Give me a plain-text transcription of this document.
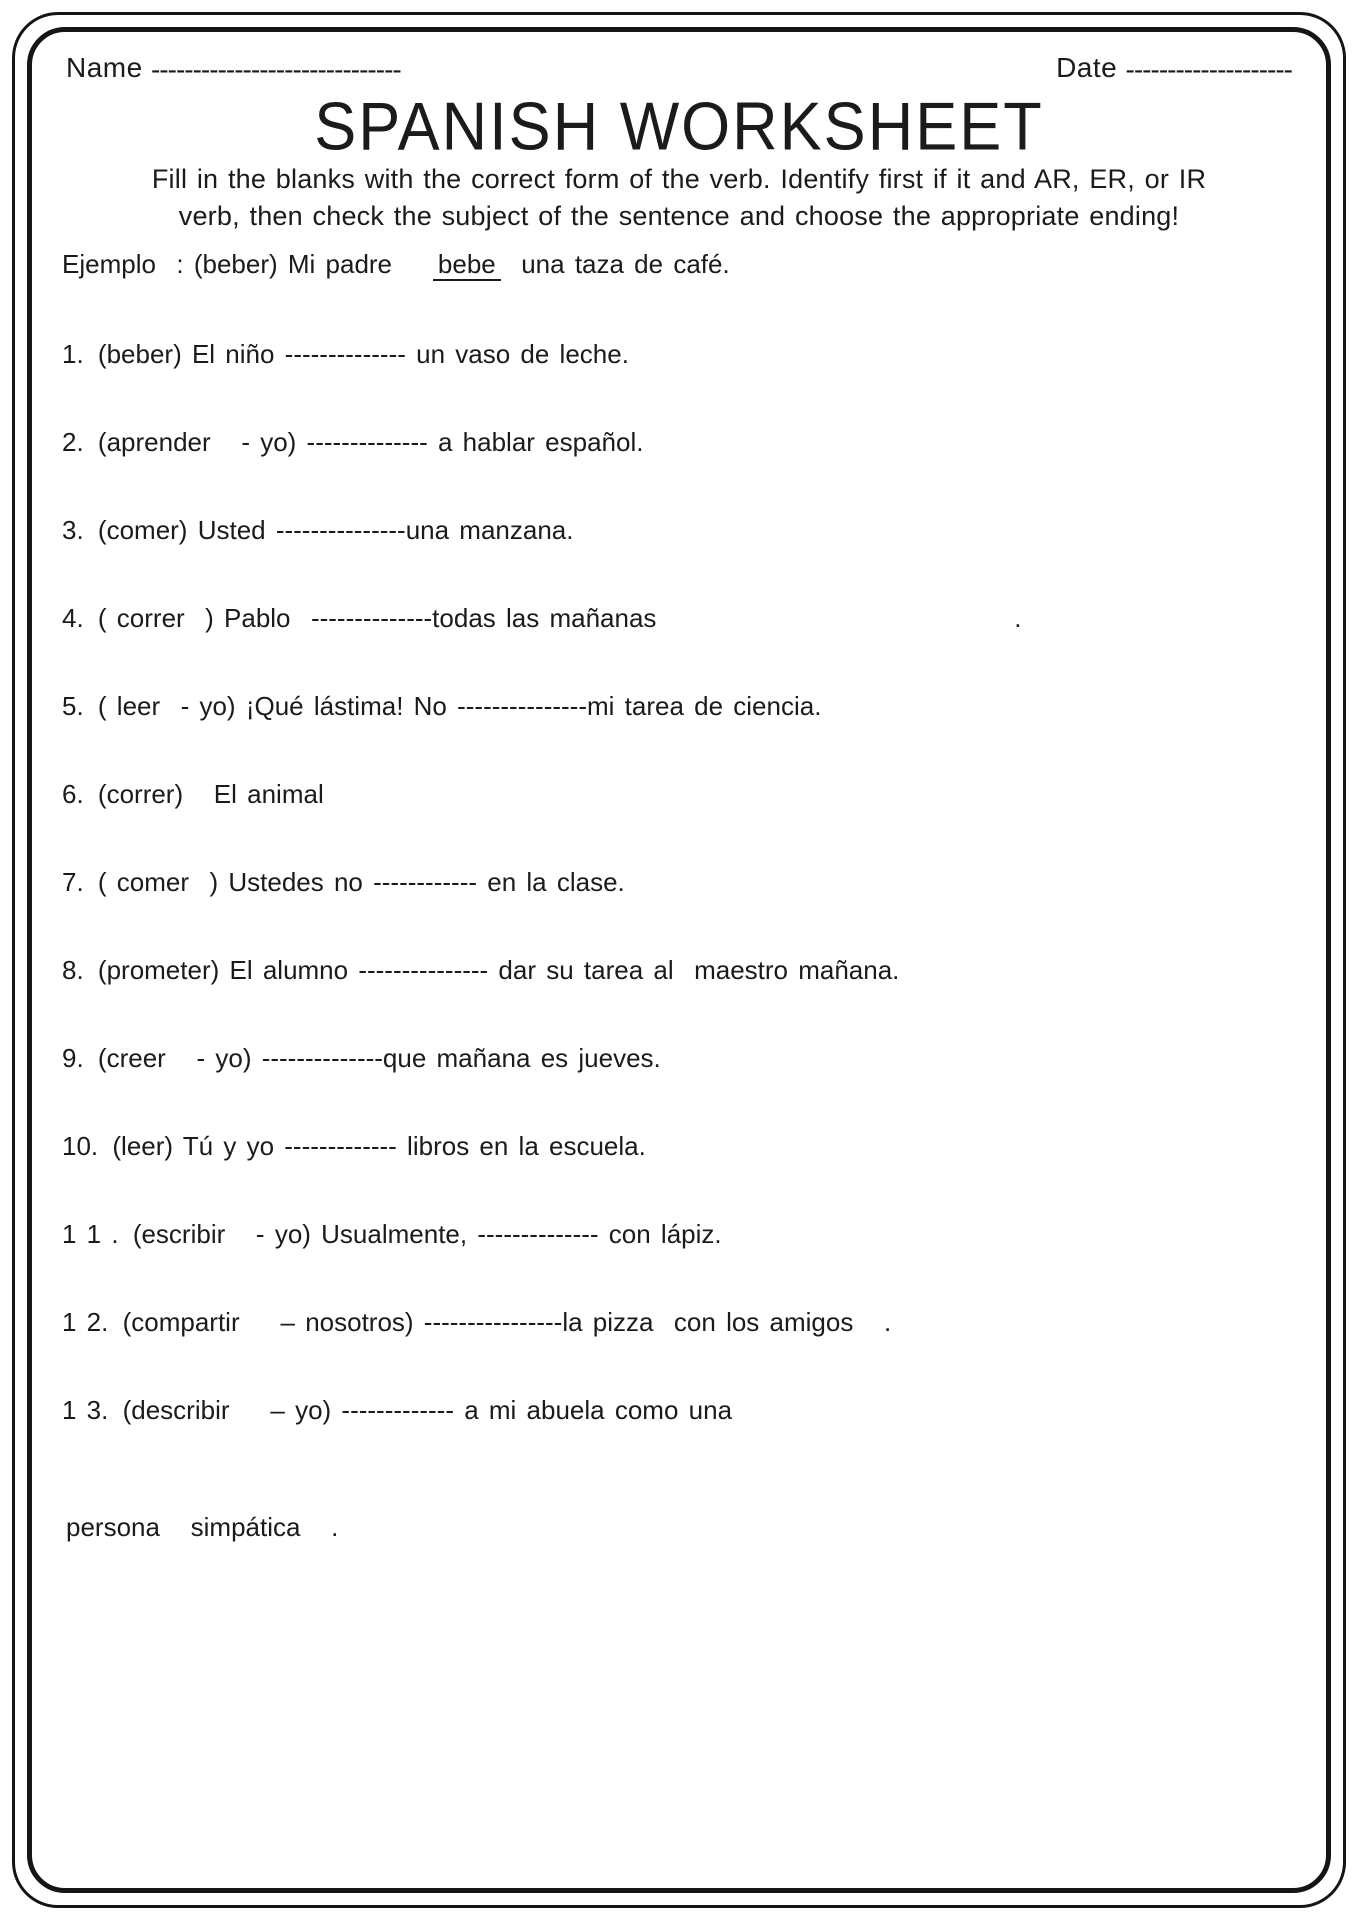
Name ------------------------------	Date --------------------
SPANISH WORKSHEET

Fill in the blanks with the correct form of the verb. Identify first if it and AR, ER, or IR

verb, then check the subject of the sentence and choose the appropriate ending!

Ejemplo  : (beber) Mi padre    bebe  una taza de café.

1. (beber) El niño -------------- un vaso de leche.

2. (aprender   - yo) -------------- a hablar español.

3. (comer) Usted ---------------una manzana.

4. ( correr  ) Pablo  --------------todas las mañanas                                   .

5. ( leer  - yo) ¡Qué lástima! No ---------------mi tarea de ciencia.

6. (correr)   El animal

7. ( comer  ) Ustedes no ------------ en la clase.

8. (prometer) El alumno --------------- dar su tarea al  maestro mañana.

9. (creer   - yo) --------------que mañana es jueves.

10. (leer) Tú y yo ------------- libros en la escuela.

1 1 . (escribir   - yo) Usualmente, -------------- con lápiz.

1 2. (compartir    – nosotros) ----------------la pizza  con los amigos   .

1 3. (describir    – yo) ------------- a mi abuela como una

persona   simpática   .
